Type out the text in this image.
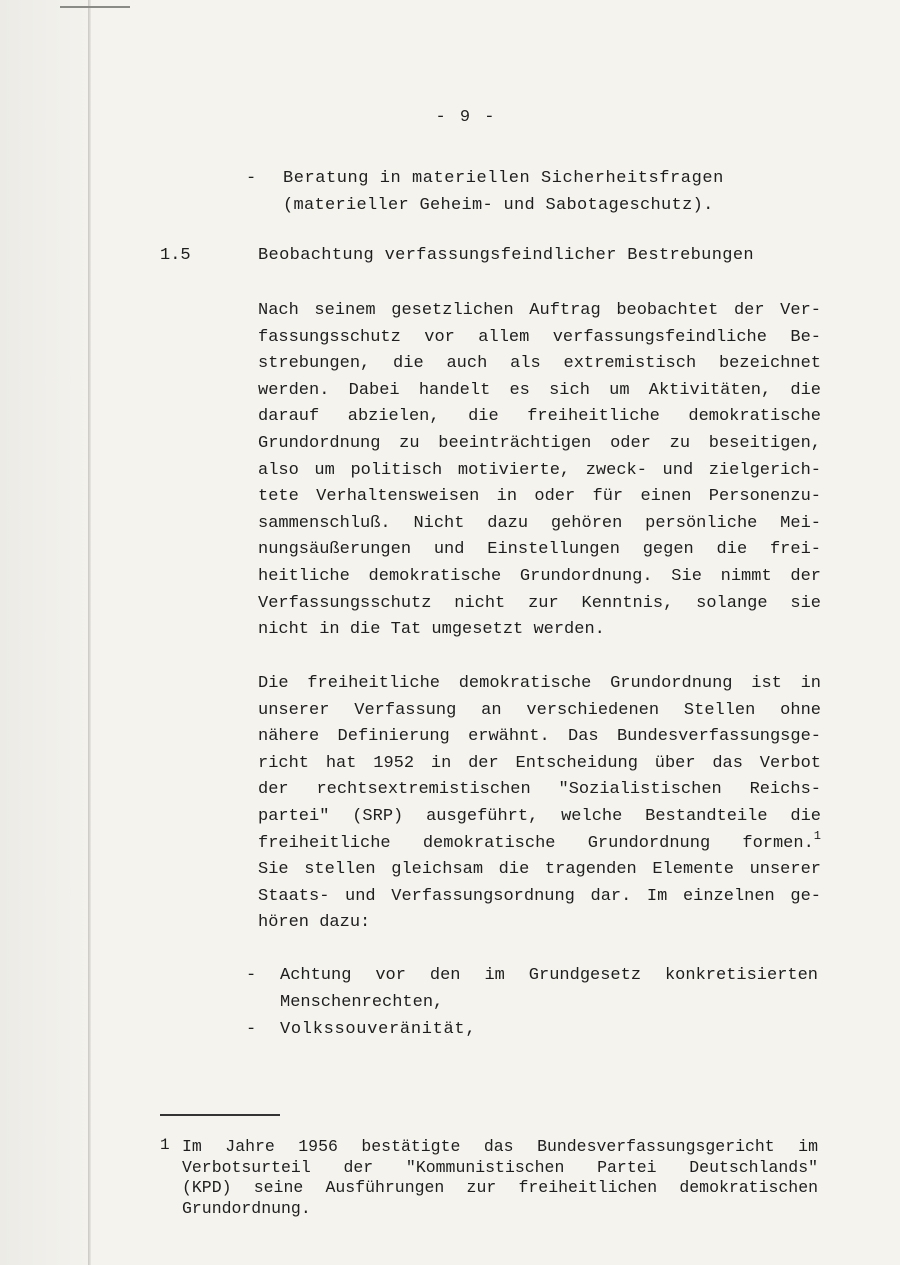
- 9 -
- Beratung in materiellen Sicherheitsfragen
(materieller Geheim- und Sabotageschutz).
1.5	Beobachtung verfassungsfeindlicher Bestrebungen
Nach seinem gesetzlichen Auftrag beobachtet der Ver-
fassungsschutz vor allem verfassungsfeindliche Be-
strebungen, die auch als extremistisch bezeichnet
werden. Dabei handelt es sich um Aktivitäten, die
darauf abzielen, die freiheitliche demokratische
Grundordnung zu beeinträchtigen oder zu beseitigen,
also um politisch motivierte, zweck- und zielgerich-
tete Verhaltensweisen in oder für einen Personenzu-
sammenschluß. Nicht dazu gehören persönliche Mei-
nungsäußerungen und Einstellungen gegen die frei-
heitliche demokratische Grundordnung. Sie nimmt der
Verfassungsschutz nicht zur Kenntnis, solange sie
nicht in die Tat umgesetzt werden.
Die freiheitliche demokratische Grundordnung ist in
unserer Verfassung an verschiedenen Stellen ohne
nähere Definierung erwähnt. Das Bundesverfassungsge-
richt hat 1952 in der Entscheidung über das Verbot
der rechtsextremistischen "Sozialistischen Reichs-
partei" (SRP) ausgeführt, welche Bestandteile die
freiheitliche demokratische Grundordnung formen.$^1$
Sie stellen gleichsam die tragenden Elemente unserer
Staats- und Verfassungsordnung dar. Im einzelnen ge-
hören dazu:
- Achtung vor den im Grundgesetz konkretisierten
Menschenrechten,
- Volkssouveränität,
1 Im Jahre 1956 bestätigte das Bundesverfassungsgericht im
Verbotsurteil der "Kommunistischen Partei Deutschlands"
(KPD) seine Ausführungen zur freiheitlichen demokratischen
Grundordnung.
